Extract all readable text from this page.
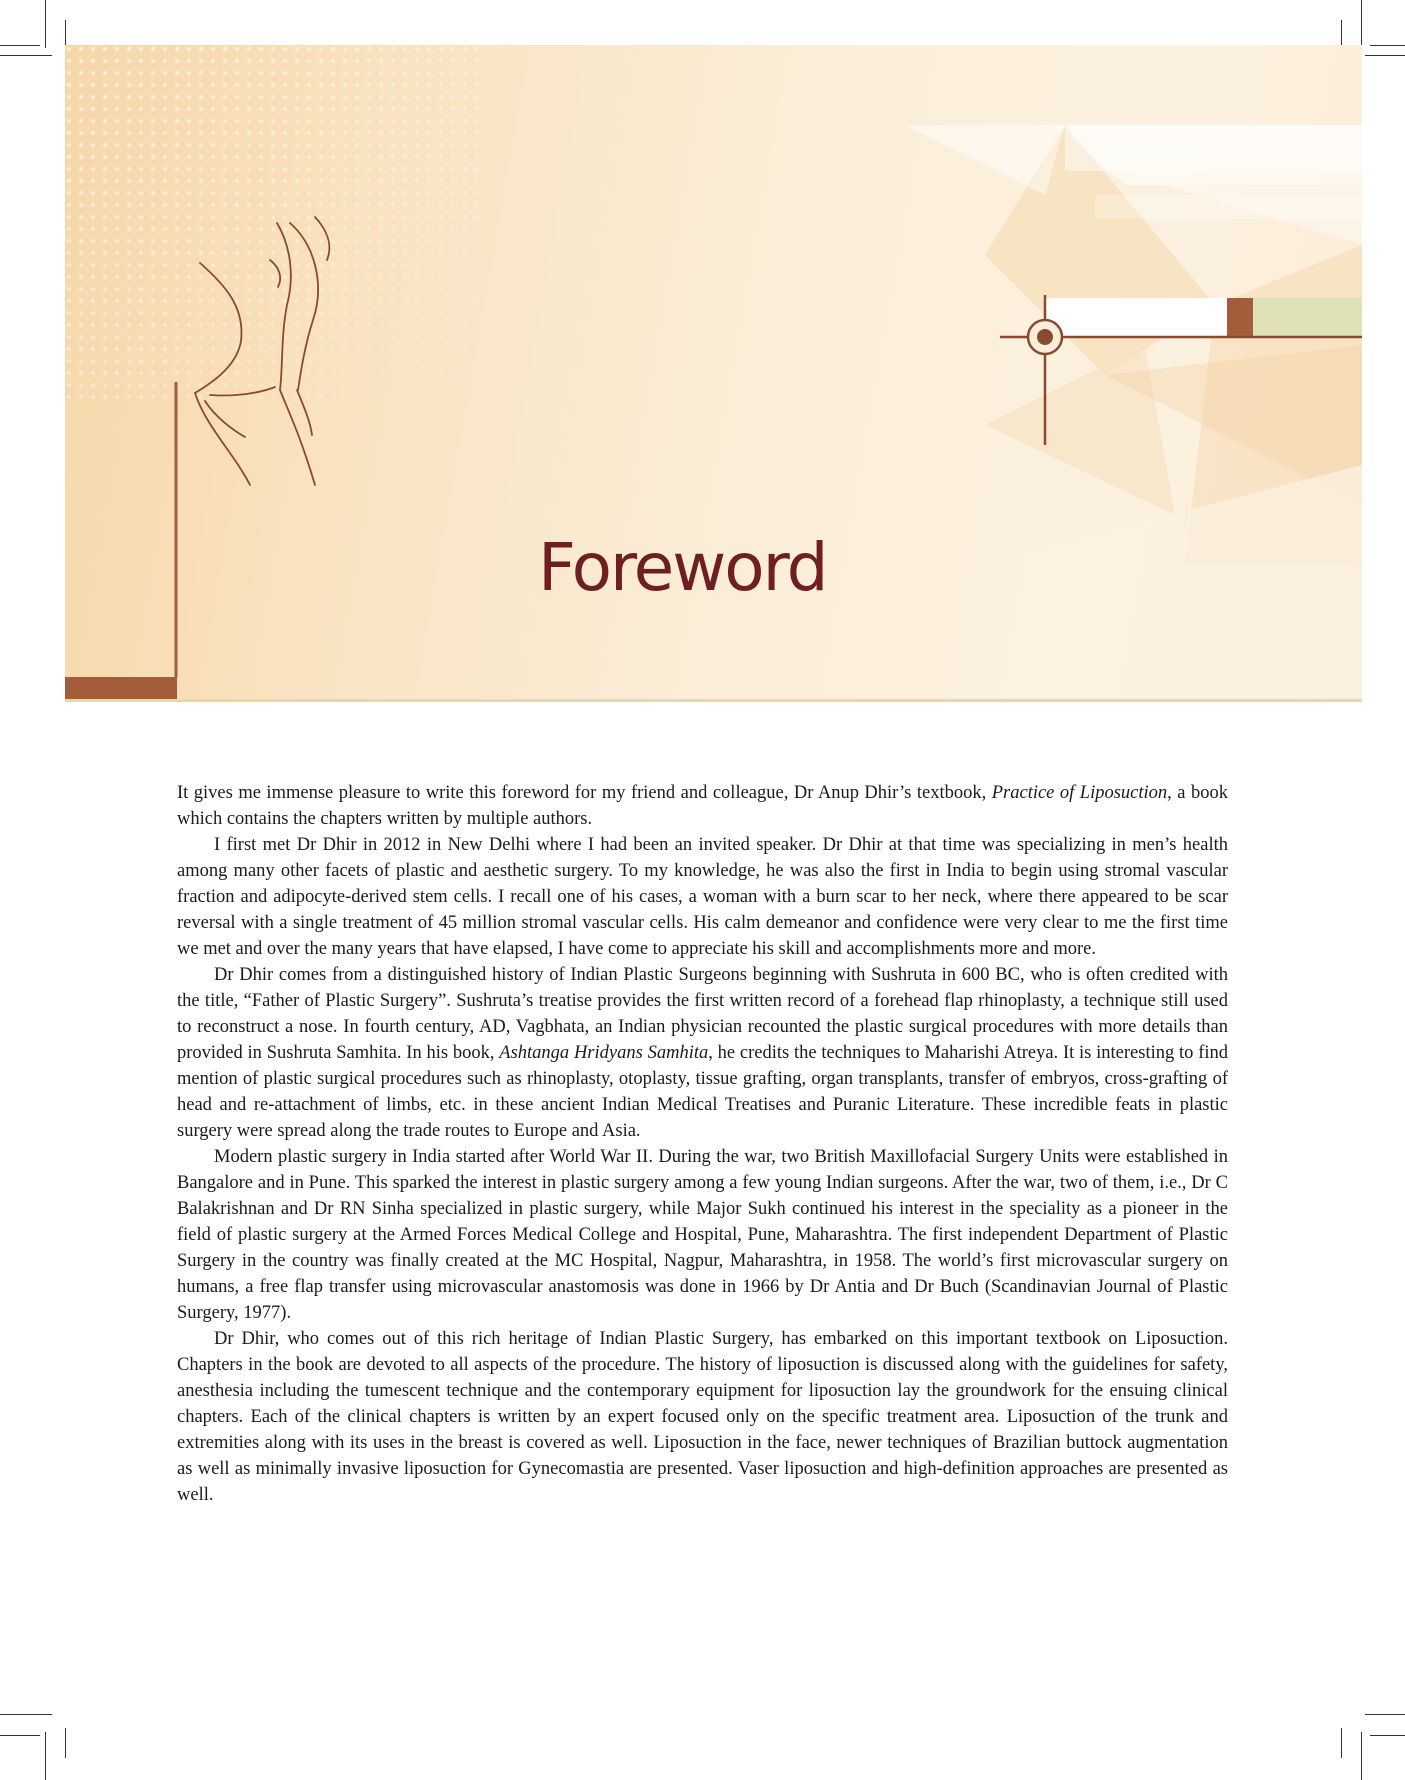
Foreword

It gives me immense pleasure to write this foreword for my friend and colleague, Dr Anup Dhir’s textbook, Practice of Liposuction, a book which contains the chapters written by multiple authors.

I first met Dr Dhir in 2012 in New Delhi where I had been an invited speaker. Dr Dhir at that time was specializing in men’s health among many other facets of plastic and aesthetic surgery. To my knowledge, he was also the first in India to begin using stromal vascular fraction and adipocyte-derived stem cells. I recall one of his cases, a woman with a burn scar to her neck, where there appeared to be scar reversal with a single treatment of 45 million stromal vascular cells. His calm demeanor and confidence were very clear to me the first time we met and over the many years that have elapsed, I have come to appreciate his skill and accomplishments more and more.

Dr Dhir comes from a distinguished history of Indian Plastic Surgeons beginning with Sushruta in 600 BC, who is often credited with the title, “Father of Plastic Surgery”. Sushruta’s treatise provides the first written record of a forehead flap rhinoplasty, a technique still used to reconstruct a nose. In fourth century, AD, Vagbhata, an Indian physician recounted the plastic surgical procedures with more details than provided in Sushruta Samhita. In his book, Ashtanga Hridyans Samhita, he credits the techniques to Maharishi Atreya. It is interesting to find mention of plastic surgical procedures such as rhinoplasty, otoplasty, tissue grafting, organ transplants, transfer of embryos, cross-grafting of head and re-attachment of limbs, etc. in these ancient Indian Medical Treatises and Puranic Literature. These incredible feats in plastic surgery were spread along the trade routes to Europe and Asia.

Modern plastic surgery in India started after World War II. During the war, two British Maxillofacial Surgery Units were established in Bangalore and in Pune. This sparked the interest in plastic surgery among a few young Indian surgeons. After the war, two of them, i.e., Dr C Balakrishnan and Dr RN Sinha specialized in plastic surgery, while Major Sukh continued his interest in the speciality as a pioneer in the field of plastic surgery at the Armed Forces Medical College and Hospital, Pune, Maharashtra. The first independent Department of Plastic Surgery in the country was finally created at the MC Hospital, Nagpur, Maharashtra, in 1958. The world’s first microvascular surgery on humans, a free flap transfer using microvascular anastomosis was done in 1966 by Dr Antia and Dr Buch (Scandinavian Journal of Plastic Surgery, 1977).

Dr Dhir, who comes out of this rich heritage of Indian Plastic Surgery, has embarked on this important textbook on Liposuction. Chapters in the book are devoted to all aspects of the procedure. The history of liposuction is discussed along with the guidelines for safety, anesthesia including the tumescent technique and the contemporary equipment for liposuction lay the groundwork for the ensuing clinical chapters. Each of the clinical chapters is written by an expert focused only on the specific treatment area. Liposuction of the trunk and extremities along with its uses in the breast is covered as well. Liposuction in the face, newer techniques of Brazilian buttock augmentation as well as minimally invasive liposuction for Gynecomastia are presented. Vaser liposuction and high-definition approaches are presented as well.
